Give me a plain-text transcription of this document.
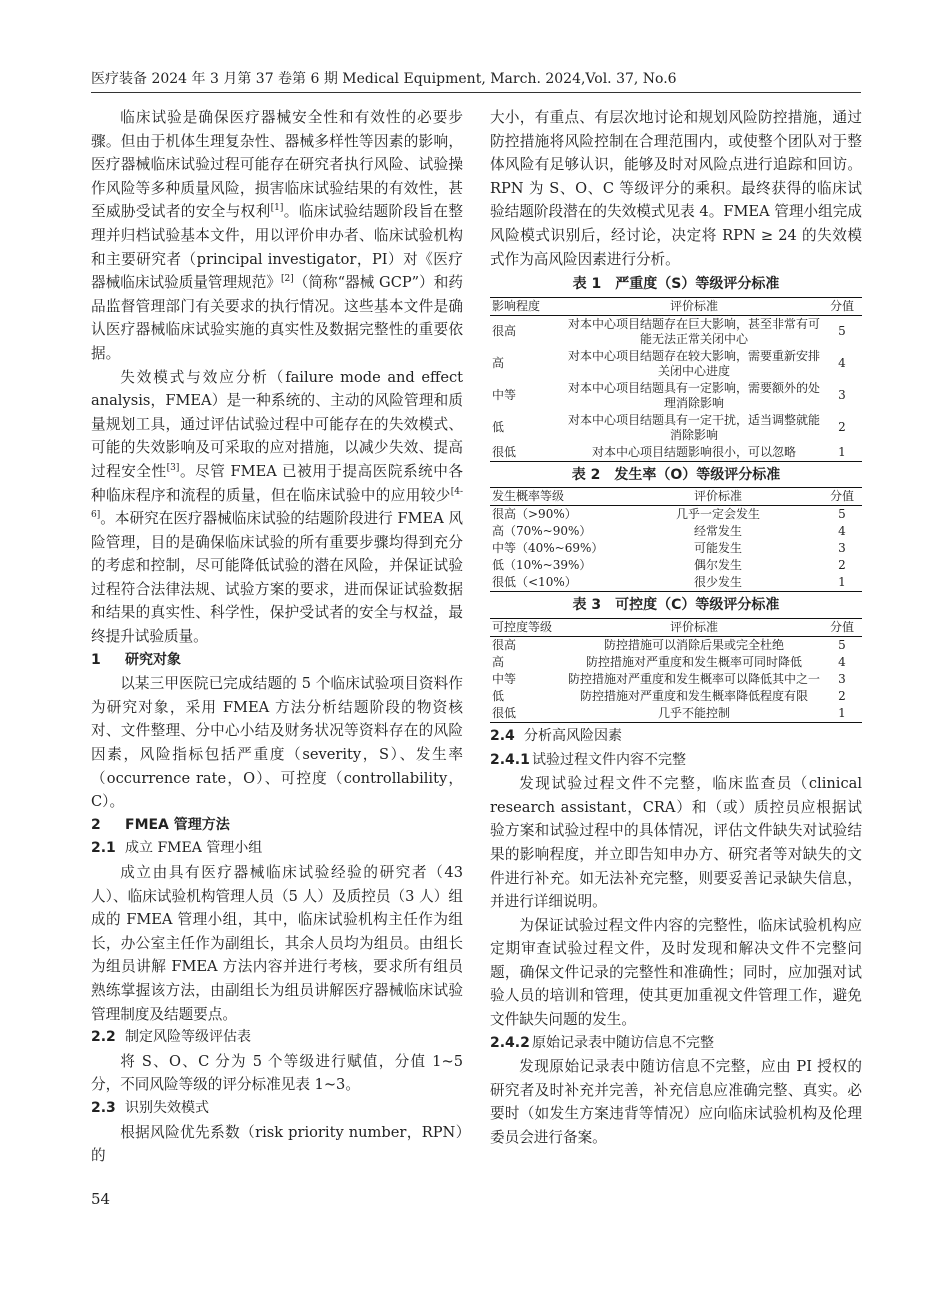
医疗装备 2024 年 3 月第 37 卷第 6 期 Medical Equipment, March. 2024,Vol. 37, No.6

临床试验是确保医疗器械安全性和有效性的必要步骤。但由于机体生理复杂性、器械多样性等因素的影响，医疗器械临床试验过程可能存在研究者执行风险、试验操作风险等多种质量风险，损害临床试验结果的有效性，甚至威胁受试者的安全与权利[1]。临床试验结题阶段旨在整理并归档试验基本文件，用以评价申办者、临床试验机构和主要研究者（principal investigator，PI）对《医疗器械临床试验质量管理规范》[2]（简称“器械 GCP”）和药品监督管理部门有关要求的执行情况。这些基本文件是确认医疗器械临床试验实施的真实性及数据完整性的重要依据。

失效模式与效应分析（failure mode and effect analysis，FMEA）是一种系统的、主动的风险管理和质量规划工具，通过评估试验过程中可能存在的失效模式、可能的失效影响及可采取的应对措施，以减少失效、提高过程安全性[3]。尽管 FMEA 已被用于提高医院系统中各种临床程序和流程的质量，但在临床试验中的应用较少[4-6]。本研究在医疗器械临床试验的结题阶段进行 FMEA 风险管理，目的是确保临床试验的所有重要步骤均得到充分的考虑和控制，尽可能降低试验的潜在风险，并保证试验过程符合法律法规、试验方案的要求，进而保证试验数据和结果的真实性、科学性，保护受试者的安全与权益，最终提升试验质量。

1 研究对象

以某三甲医院已完成结题的 5 个临床试验项目资料作为研究对象，采用 FMEA 方法分析结题阶段的物资核对、文件整理、分中心小结及财务状况等资料存在的风险因素，风险指标包括严重度（severity，S）、发生率（occurrence rate，O）、可控度（controllability，C）。

2 FMEA 管理方法

2.1 成立 FMEA 管理小组

成立由具有医疗器械临床试验经验的研究者（43 人）、临床试验机构管理人员（5 人）及质控员（3 人）组成的 FMEA 管理小组，其中，临床试验机构主任作为组长，办公室主任作为副组长，其余人员均为组员。由组长为组员讲解 FMEA 方法内容并进行考核，要求所有组员熟练掌握该方法，由副组长为组员讲解医疗器械临床试验管理制度及结题要点。

2.2 制定风险等级评估表

将 S、O、C 分为 5 个等级进行赋值，分值 1~5 分，不同风险等级的评分标准见表 1~3。

2.3 识别失效模式

根据风险优先系数（risk priority number，RPN）的

大小，有重点、有层次地讨论和规划风险防控措施，通过防控措施将风险控制在合理范围内，或使整个团队对于整体风险有足够认识，能够及时对风险点进行追踪和回访。RPN 为 S、O、C 等级评分的乘积。最终获得的临床试验结题阶段潜在的失效模式见表 4。FMEA 管理小组完成风险模式识别后，经讨论，决定将 RPN ≥ 24 的失效模式作为高风险因素进行分析。

表 1　严重度（S）等级评分标准
影响程度	评价标准	分值
很高	对本中心项目结题存在巨大影响，甚至非常有可能无法正常关闭中心	5
高	对本中心项目结题存在较大影响，需要重新安排关闭中心进度	4
中等	对本中心项目结题具有一定影响，需要额外的处理消除影响	3
低	对本中心项目结题具有一定干扰，适当调整就能消除影响	2
很低	对本中心项目结题影响很小，可以忽略	1
表 2　发生率（O）等级评分标准
发生概率等级	评价标准	分值
很高（>90%）	几乎一定会发生	5
高（70%~90%）	经常发生	4
中等（40%~69%）	可能发生	3
低（10%~39%）	偶尔发生	2
很低（<10%）	很少发生	1
表 3　可控度（C）等级评分标准
可控度等级	评价标准	分值
很高	防控措施可以消除后果或完全杜绝	5
高	防控措施对严重度和发生概率可同时降低	4
中等	防控措施对严重度和发生概率可以降低其中之一	3
低	防控措施对严重度和发生概率降低程度有限	2
很低	几乎不能控制	1

2.4 分析高风险因素

2.4.1 试验过程文件内容不完整

发现试验过程文件不完整，临床监查员（clinical research assistant，CRA）和（或）质控员应根据试验方案和试验过程中的具体情况，评估文件缺失对试验结果的影响程度，并立即告知申办方、研究者等对缺失的文件进行补充。如无法补充完整，则要妥善记录缺失信息，并进行详细说明。

为保证试验过程文件内容的完整性，临床试验机构应定期审查试验过程文件，及时发现和解决文件不完整问题，确保文件记录的完整性和准确性；同时，应加强对试验人员的培训和管理，使其更加重视文件管理工作，避免文件缺失问题的发生。

2.4.2 原始记录表中随访信息不完整

发现原始记录表中随访信息不完整，应由 PI 授权的研究者及时补充并完善，补充信息应准确完整、真实。必要时（如发生方案违背等情况）应向临床试验机构及伦理委员会进行备案。

54
